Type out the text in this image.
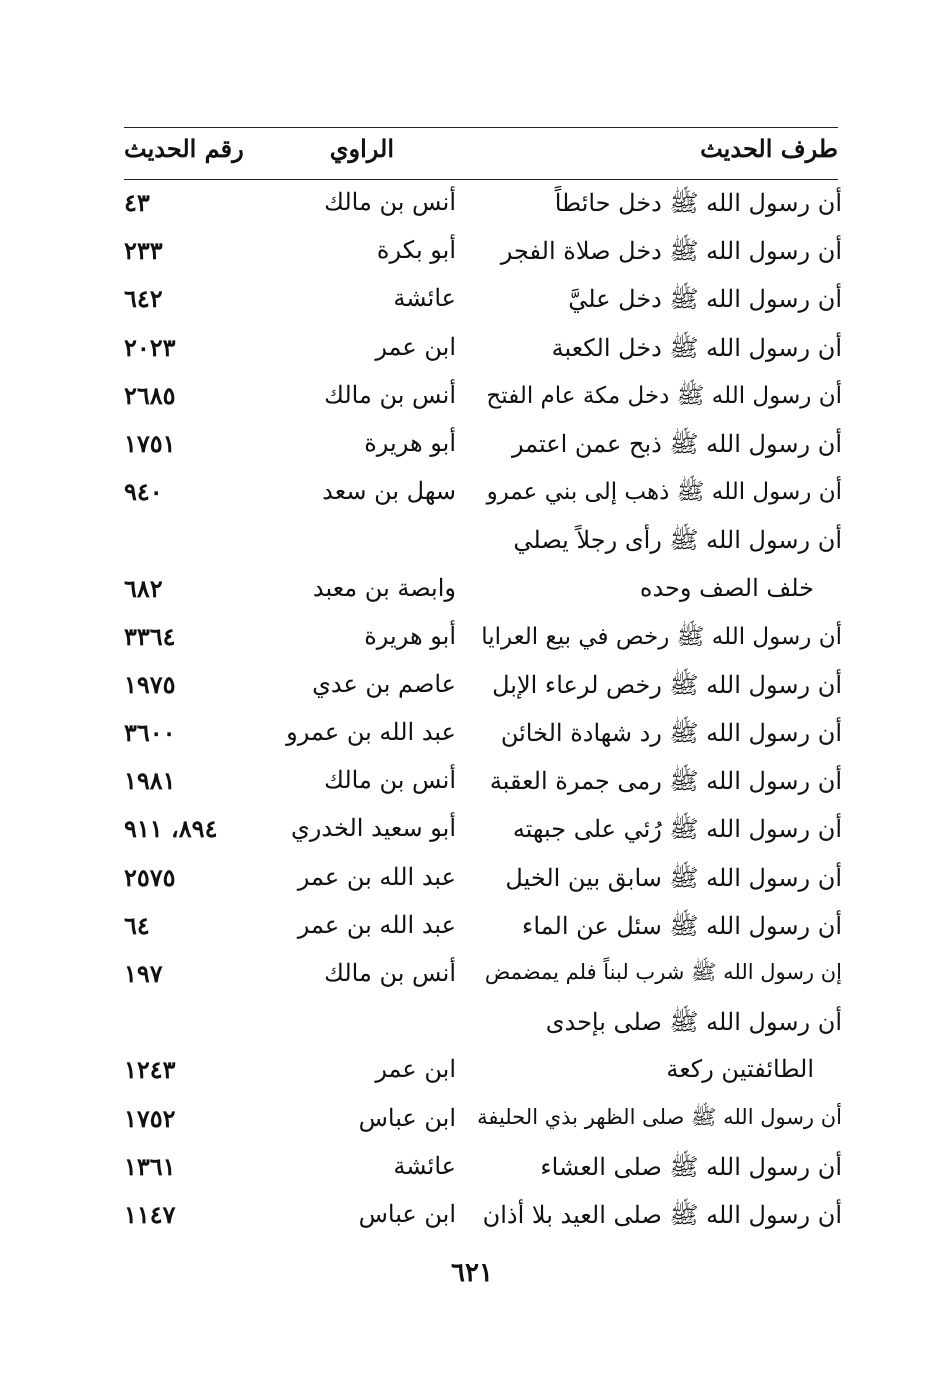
طرف الحديث
الراوي
رقم الحديث
أن رسول الله ﷺ دخل حائطاً
أنس بن مالك
٤٣
أن رسول الله ﷺ دخل صلاة الفجر
أبو بكرة
٢٣٣
أن رسول الله ﷺ دخل عليَّ
عائشة
٦٤٢
أن رسول الله ﷺ دخل الكعبة
ابن عمر
٢٠٢٣
أن رسول الله ﷺ دخل مكة عام الفتح
أنس بن مالك
٢٦٨٥
أن رسول الله ﷺ ذبح عمن اعتمر
أبو هريرة
١٧٥١
أن رسول الله ﷺ ذهب إلى بني عمرو
سهل بن سعد
٩٤٠
أن رسول الله ﷺ رأى رجلاً يصلي
خلف الصف وحده
وابصة بن معبد
٦٨٢
أن رسول الله ﷺ رخص في بيع العرايا
أبو هريرة
٣٣٦٤
أن رسول الله ﷺ رخص لرعاء الإبل
عاصم بن عدي
١٩٧٥
أن رسول الله ﷺ رد شهادة الخائن
عبد الله بن عمرو
٣٦٠٠
أن رسول الله ﷺ رمى جمرة العقبة
أنس بن مالك
١٩٨١
أن رسول الله ﷺ رُئي على جبهته
أبو سعيد الخدري
٨٩٤، ٩١١
أن رسول الله ﷺ سابق بين الخيل
عبد الله بن عمر
٢٥٧٥
أن رسول الله ﷺ سئل عن الماء
عبد الله بن عمر
٦٤
إن رسول الله ﷺ شرب لبناً فلم يمضمض
أنس بن مالك
١٩٧
أن رسول الله ﷺ صلى بإحدى
الطائفتين ركعة
ابن عمر
١٢٤٣
أن رسول الله ﷺ صلى الظهر بذي الحليفة
ابن عباس
١٧٥٢
أن رسول الله ﷺ صلى العشاء
عائشة
١٣٦١
أن رسول الله ﷺ صلى العيد بلا أذان
ابن عباس
١١٤٧
٦٢١
